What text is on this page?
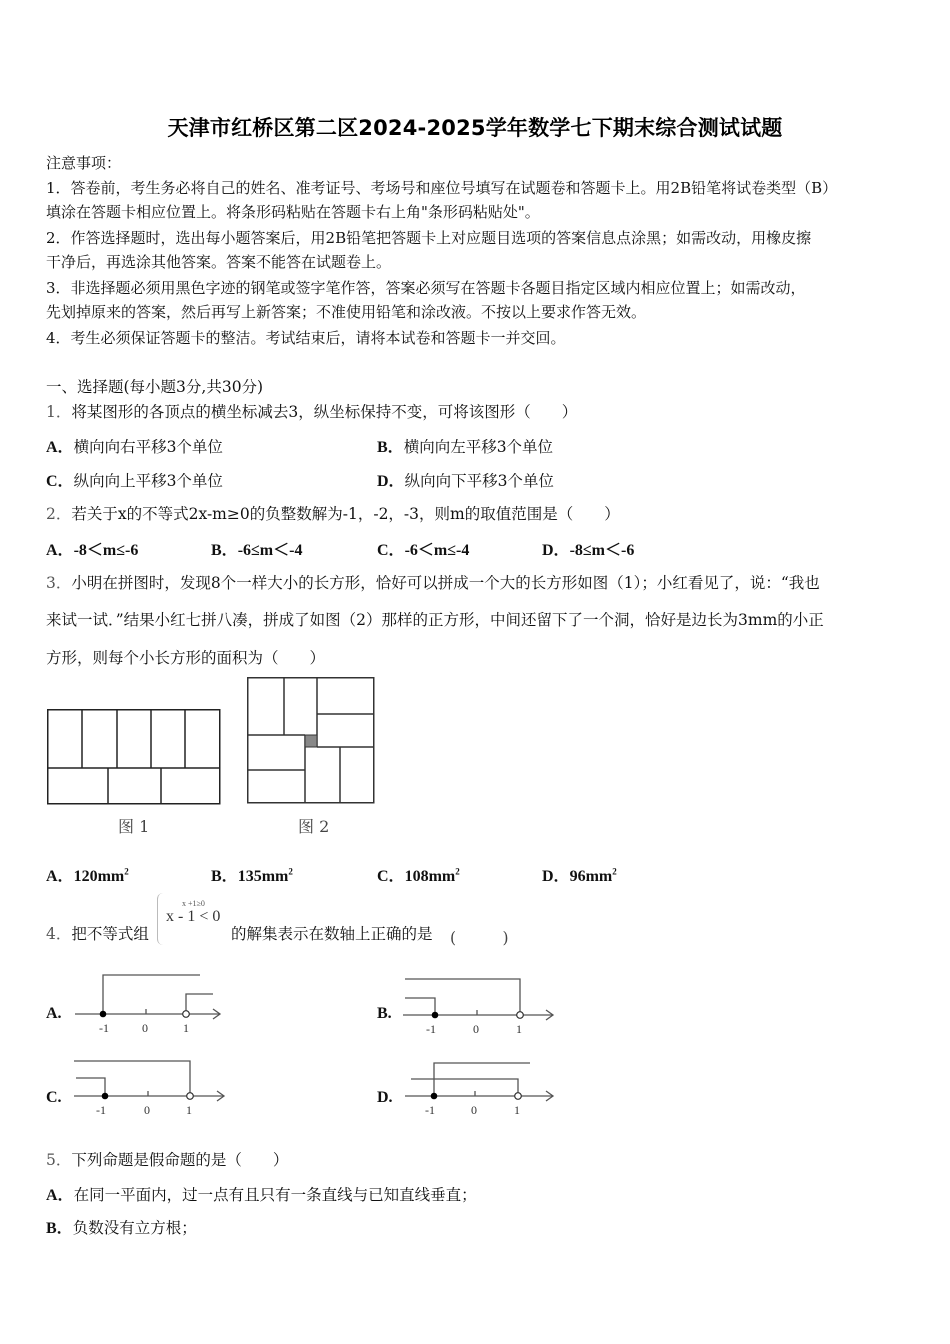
天津市红桥区第二区2024-2025学年数学七下期末综合测试试题
注意事项：
1．答卷前，考生务必将自己的姓名、准考证号、考场号和座位号填写在试题卷和答题卡上。用2B铅笔将试卷类型（B）
填涂在答题卡相应位置上。将条形码粘贴在答题卡右上角"条形码粘贴处"。
2．作答选择题时，选出每小题答案后，用2B铅笔把答题卡上对应题目选项的答案信息点涂黑；如需改动，用橡皮擦
干净后，再选涂其他答案。答案不能答在试题卷上。
3．非选择题必须用黑色字迹的钢笔或签字笔作答，答案必须写在答题卡各题目指定区域内相应位置上；如需改动，
先划掉原来的答案，然后再写上新答案；不准使用铅笔和涂改液。不按以上要求作答无效。
4．考生必须保证答题卡的整洁。考试结束后，请将本试卷和答题卡一并交回。
一、选择题(每小题3分,共30分)
1．将某图形的各顶点的横坐标减去3，纵坐标保持不变，可将该图形（　　）
A．横向向右平移3个单位	B．横向向左平移3个单位
C．纵向向上平移3个单位	D．纵向向下平移3个单位
2．若关于x的不等式2x-m≥0的负整数解为-1，-2，-3，则m的取值范围是（　　）
A．-8＜m≤-6	B．-6≤m＜-4	C．-6＜m≤-4	D．-8≤m＜-6
3．小明在拼图时，发现8个一样大小的长方形，恰好可以拼成一个大的长方形如图（1）；小红看见了，说：“我也
来试一试．”结果小红七拼八凑，拼成了如图（2）那样的正方形，中间还留下了一个洞，恰好是边长为3mm的小正
方形，则每个小长方形的面积为（　　）
图 1	图 2
A．$120mm^2$	B．$135mm^2$	C．$108mm^2$	D．$96mm^2$
4．把不等式组
x +1≥0
x - 1 < 0
的解集表示在数轴上正确的是 (　　　)
A.
-1	0	1
B.
-1	0	1
C.
-1	0	1
D.
-1	0	1
5．下列命题是假命题的是（　　）
A．在同一平面内，过一点有且只有一条直线与已知直线垂直；
B．负数没有立方根；
